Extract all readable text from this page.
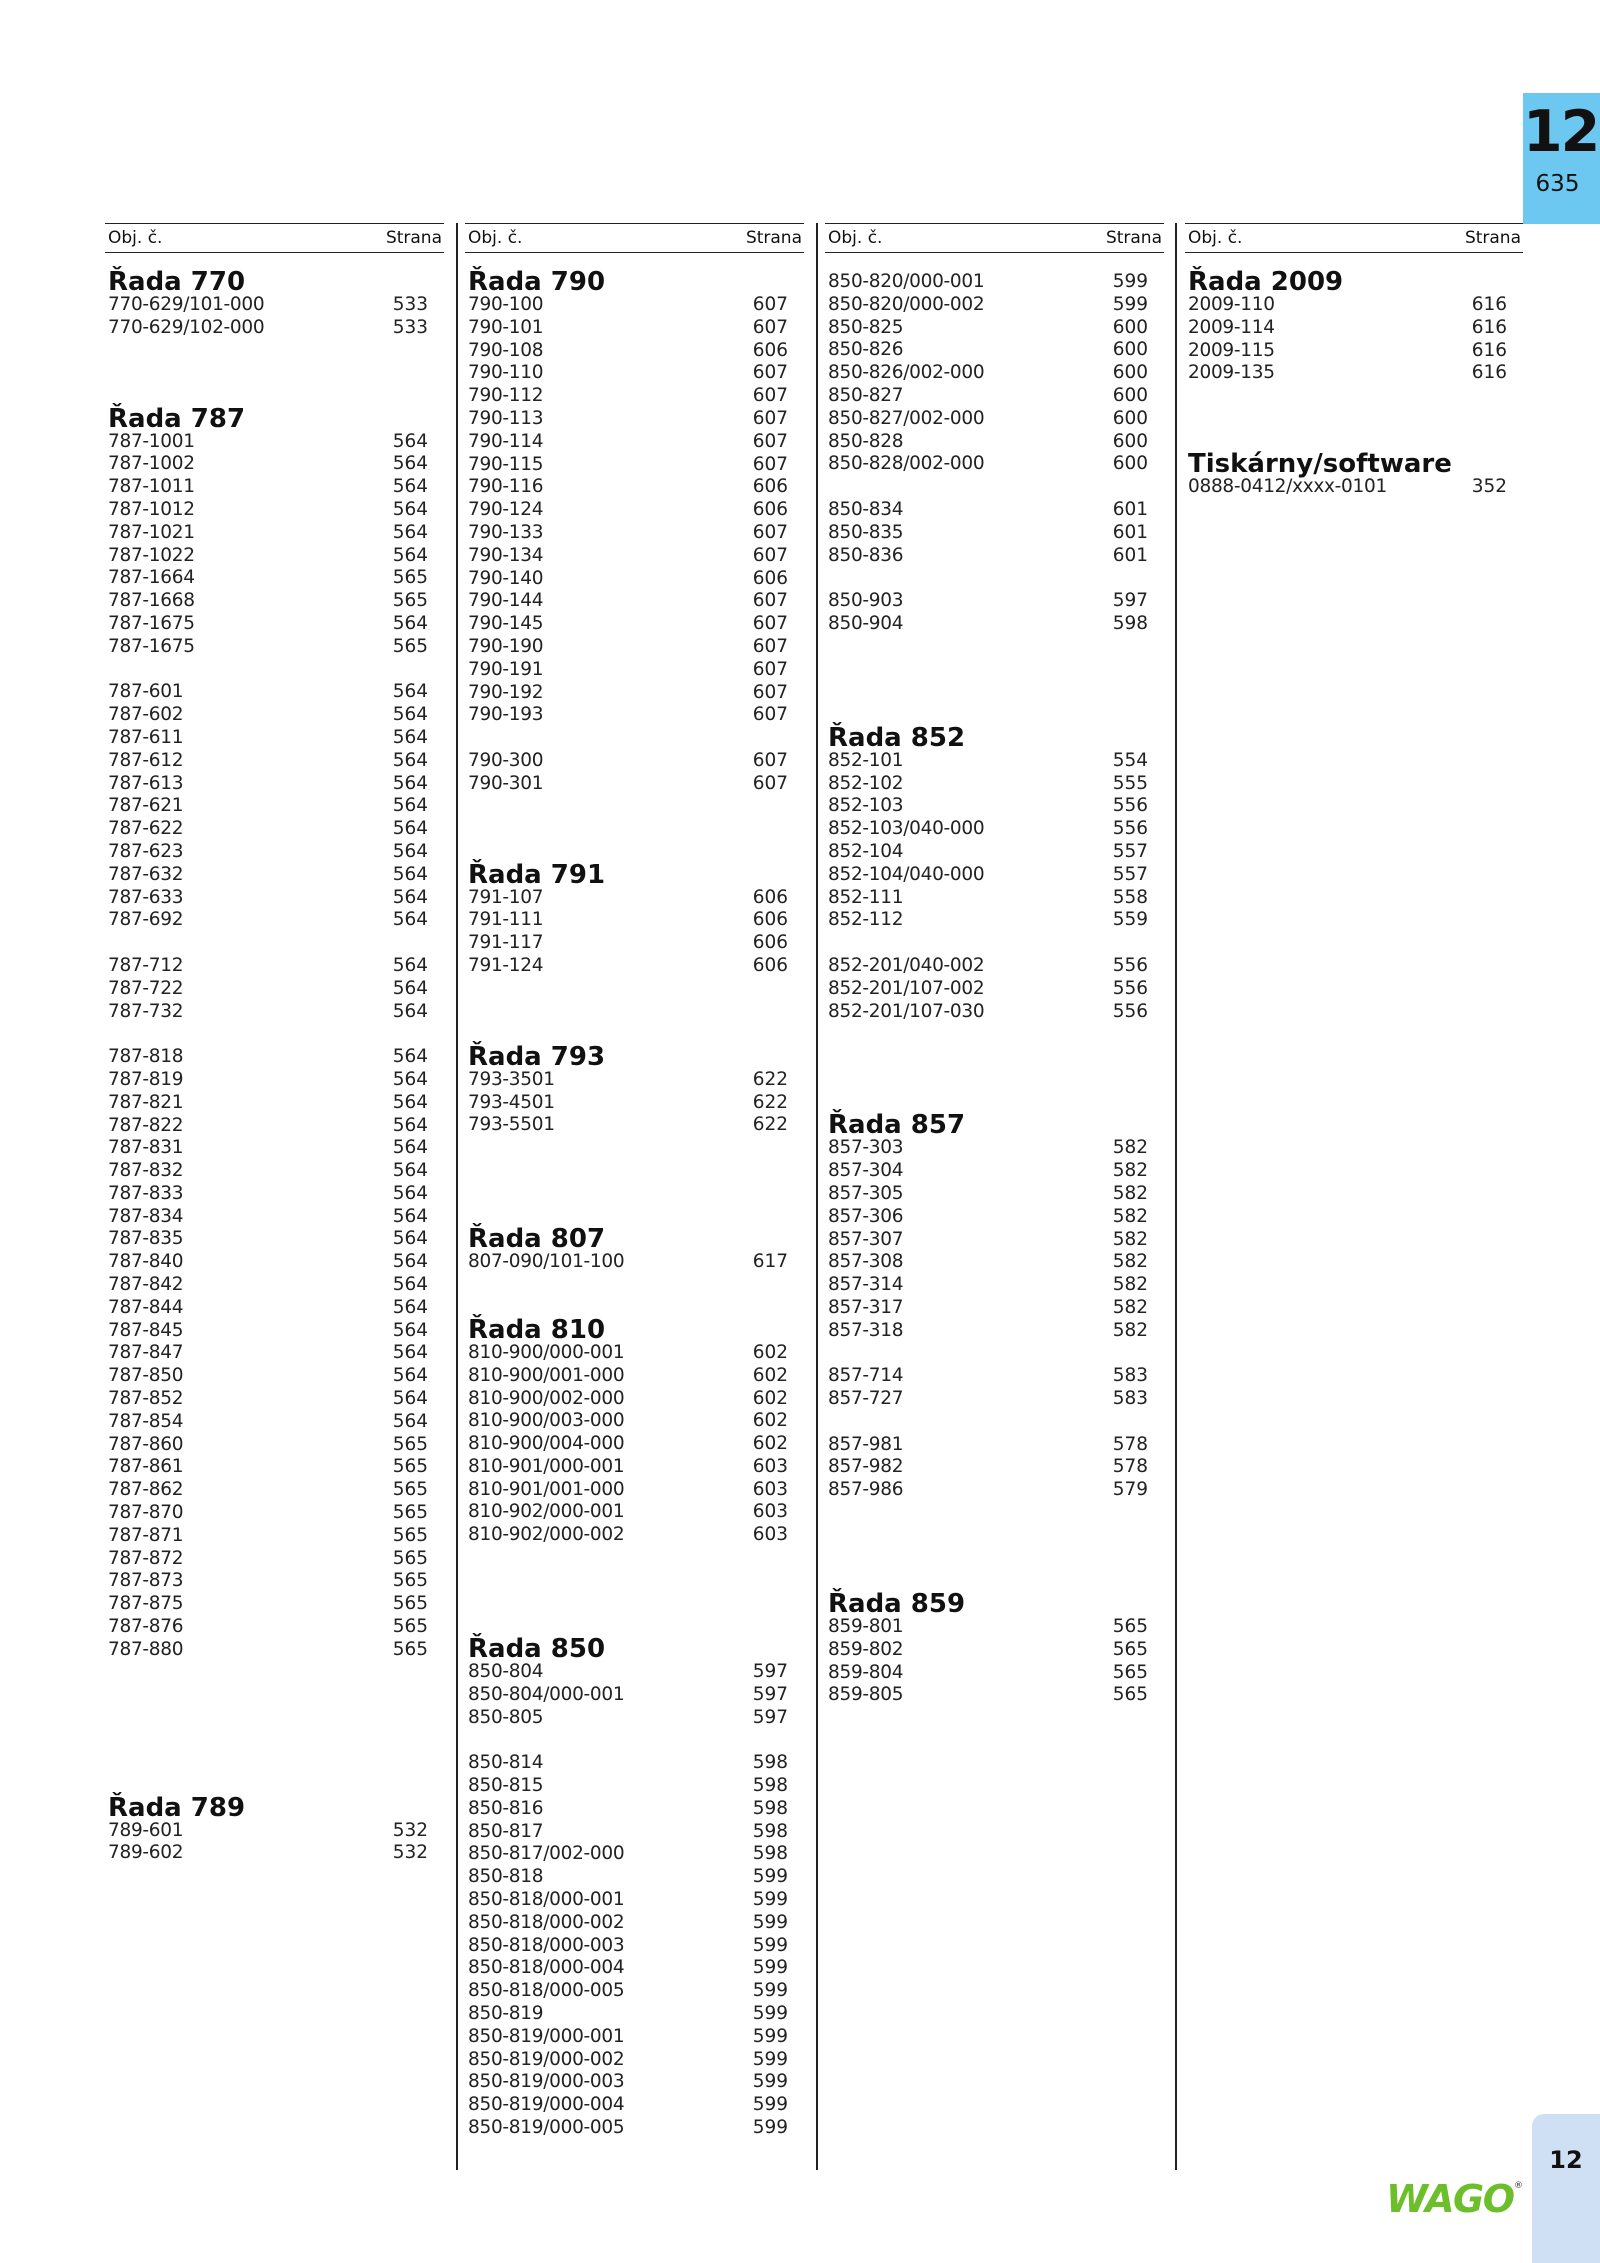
12
635
12
WAGO ®
Obj. č.	Strana
Řada 770
770-629/101-000	533
770-629/102-000	533
Řada 787
787-1001	564
787-1002	564
787-1011	564
787-1012	564
787-1021	564
787-1022	564
787-1664	565
787-1668	565
787-1675	564
787-1675	565
787-601	564
787-602	564
787-611	564
787-612	564
787-613	564
787-621	564
787-622	564
787-623	564
787-632	564
787-633	564
787-692	564
787-712	564
787-722	564
787-732	564
787-818	564
787-819	564
787-821	564
787-822	564
787-831	564
787-832	564
787-833	564
787-834	564
787-835	564
787-840	564
787-842	564
787-844	564
787-845	564
787-847	564
787-850	564
787-852	564
787-854	564
787-860	565
787-861	565
787-862	565
787-870	565
787-871	565
787-872	565
787-873	565
787-875	565
787-876	565
787-880	565
Řada 789
789-601	532
789-602	532
Obj. č.	Strana
Řada 790
790-100	607
790-101	607
790-108	606
790-110	607
790-112	607
790-113	607
790-114	607
790-115	607
790-116	606
790-124	606
790-133	607
790-134	607
790-140	606
790-144	607
790-145	607
790-190	607
790-191	607
790-192	607
790-193	607
790-300	607
790-301	607
Řada 791
791-107	606
791-111	606
791-117	606
791-124	606
Řada 793
793-3501	622
793-4501	622
793-5501	622
Řada 807
807-090/101-100	617
Řada 810
810-900/000-001	602
810-900/001-000	602
810-900/002-000	602
810-900/003-000	602
810-900/004-000	602
810-901/000-001	603
810-901/001-000	603
810-902/000-001	603
810-902/000-002	603
Řada 850
850-804	597
850-804/000-001	597
850-805	597
850-814	598
850-815	598
850-816	598
850-817	598
850-817/002-000	598
850-818	599
850-818/000-001	599
850-818/000-002	599
850-818/000-003	599
850-818/000-004	599
850-818/000-005	599
850-819	599
850-819/000-001	599
850-819/000-002	599
850-819/000-003	599
850-819/000-004	599
850-819/000-005	599
Obj. č.	Strana
850-820/000-001	599
850-820/000-002	599
850-825	600
850-826	600
850-826/002-000	600
850-827	600
850-827/002-000	600
850-828	600
850-828/002-000	600
850-834	601
850-835	601
850-836	601
850-903	597
850-904	598
Řada 852
852-101	554
852-102	555
852-103	556
852-103/040-000	556
852-104	557
852-104/040-000	557
852-111	558
852-112	559
852-201/040-002	556
852-201/107-002	556
852-201/107-030	556
Řada 857
857-303	582
857-304	582
857-305	582
857-306	582
857-307	582
857-308	582
857-314	582
857-317	582
857-318	582
857-714	583
857-727	583
857-981	578
857-982	578
857-986	579
Řada 859
859-801	565
859-802	565
859-804	565
859-805	565
Obj. č.	Strana
Řada 2009
2009-110	616
2009-114	616
2009-115	616
2009-135	616
Tiskárny/software
0888-0412/xxxx-0101	352
